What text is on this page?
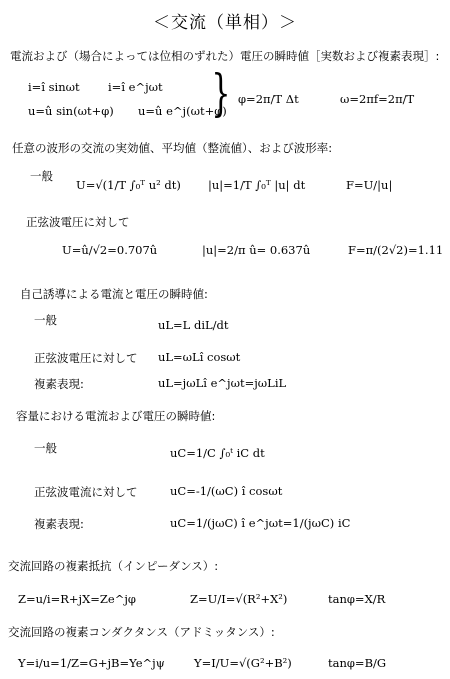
＜交流（単相）＞
電流および（場合によっては位相のずれた）電圧の瞬時値［実数および複素表現］:
i=î sinωt i=î e^jωt
u=û sin(ωt+φ) u=û e^j(ωt+φ)
} φ=2π/T Δt	ω=2πf=2π/T
任意の波形の交流の実効値、平均値（整流値）、および波形率:
一般
U=√(1/T ∫₀ᵀ u² dt) |u|=1/T ∫₀ᵀ |u| dt	F=U/|u|
正弦波電圧に対して
U=û/√2=0.707û	|u|=2/π û= 0.637û	F=π/(2√2)=1.11
自己誘導による電流と電圧の瞬時値:
一般	uL=L diL/dt
正弦波電圧に対して uL=ωLî cosωt
複素表現:	uL=jωLî e^jωt=jωLiL
容量における電流および電圧の瞬時値:
一般	uC=1/C ∫₀ᵗ iC dt
正弦波電流に対して	uC=-1/(ωC) î cosωt
複素表現:	uC=1/(jωC) î e^jωt=1/(jωC) iC
交流回路の複素抵抗（インピーダンス）:
Z=u/i=R+jX=Ze^jφ	Z=U/I=√(R²+X²)	tanφ=X/R
交流回路の複素コンダクタンス（アドミッタンス）:
Y=i/u=1/Z=G+jB=Ye^jψ	Y=I/U=√(G²+B²)	tanφ=B/G
